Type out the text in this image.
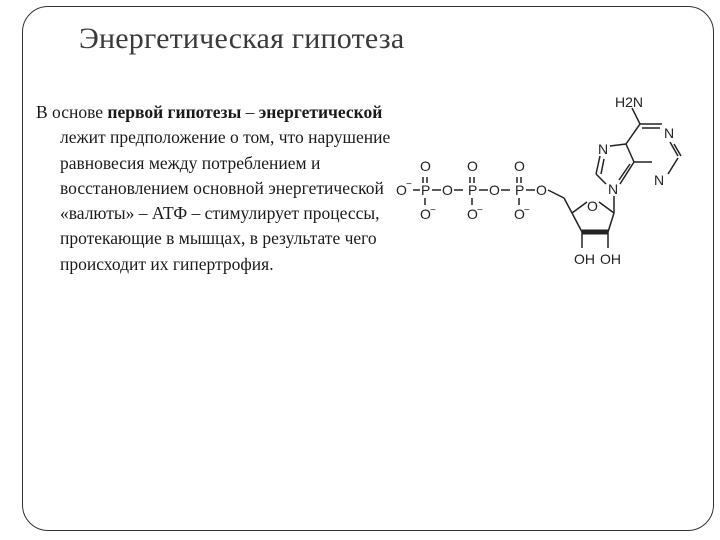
Энергетическая гипотеза
В основе первой гипотезы – энергетической лежит предположение о том, что нарушение равновесия между потреблением и восстановлением основной энергетической «валюты» – АТФ – стимулирует процессы, протекающие в мышцах, в результате чего происходит их гипертрофия.
O − P
O
O −
O P
O
O −
O P
O
O −
O
O
OH OH
N
N
H2N
N
N
